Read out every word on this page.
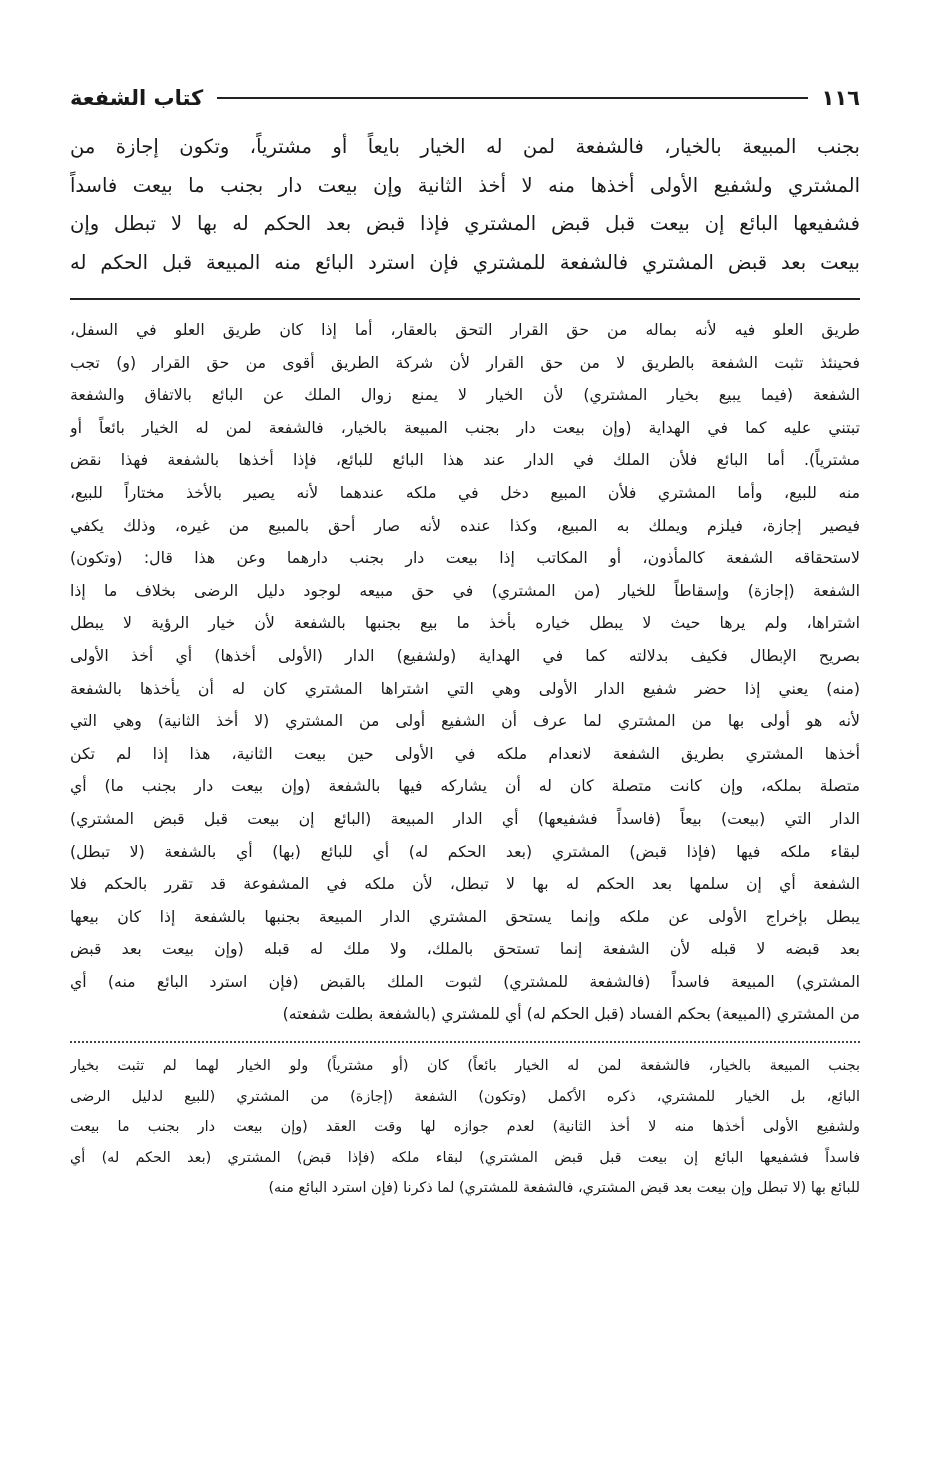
١١٦
كتاب الشفعة
بجنب المبيعة بالخيار، فالشفعة لمن له الخيار بايعاً أو مشترياً، وتكون إجازة من
المشتري ولشفيع الأولى أخذها منه لا أخذ الثانية وإن بيعت دار بجنب ما بيعت فاسداً
فشفيعها البائع إن بيعت قبل قبض المشتري فإذا قبض بعد الحكم له بها لا تبطل وإن
بيعت بعد قبض المشتري فالشفعة للمشتري فإن استرد البائع منه المبيعة قبل الحكم له
طريق العلو فيه لأنه بماله من حق القرار التحق بالعقار، أما إذا كان طريق العلو في السفل،
فحينئذ تثبت الشفعة بالطريق لا من حق القرار لأن شركة الطريق أقوى من حق القرار (و) تجب
الشفعة (فيما يبيع بخيار المشتري) لأن الخيار لا يمنع زوال الملك عن البائع بالاتفاق والشفعة
تبتني عليه كما في الهداية (وإن بيعت دار بجنب المبيعة بالخيار، فالشفعة لمن له الخيار بائعاً أو
مشترياً). أما البائع فلأن الملك في الدار عند هذا البائع للبائع، فإذا أخذها بالشفعة فهذا نقض
منه للبيع، وأما المشتري فلأن المبيع دخل في ملكه عندهما لأنه يصير بالأخذ مختاراً للبيع،
فيصير إجازة، فيلزم ويملك به المبيع، وكذا عنده لأنه صار أحق بالمبيع من غيره، وذلك يكفي
لاستحقاقه الشفعة كالمأذون، أو المكاتب إذا بيعت دار بجنب دارهما وعن هذا قال: (وتكون)
الشفعة (إجازة) وإسقاطاً للخيار (من المشتري) في حق مبيعه لوجود دليل الرضى بخلاف ما إذا
اشتراها، ولم يرها حيث لا يبطل خياره بأخذ ما بيع بجنبها بالشفعة لأن خيار الرؤية لا يبطل
بصريح الإبطال فكيف بدلالته كما في الهداية (ولشفيع) الدار (الأولى أخذها) أي أخذ الأولى
(منه) يعني إذا حضر شفيع الدار الأولى وهي التي اشتراها المشتري كان له أن يأخذها بالشفعة
لأنه هو أولى بها من المشتري لما عرف أن الشفيع أولى من المشتري (لا أخذ الثانية) وهي التي
أخذها المشتري بطريق الشفعة لانعدام ملكه في الأولى حين بيعت الثانية، هذا إذا لم تكن
متصلة بملكه، وإن كانت متصلة كان له أن يشاركه فيها بالشفعة (وإن بيعت دار بجنب ما) أي
الدار التي (بيعت) بيعاً (فاسداً فشفيعها) أي الدار المبيعة (البائع إن بيعت قبل قبض المشتري)
لبقاء ملكه فيها (فإذا قبض) المشتري (بعد الحكم له) أي للبائع (بها) أي بالشفعة (لا تبطل)
الشفعة أي إن سلمها بعد الحكم له بها لا تبطل، لأن ملكه في المشفوعة قد تقرر بالحكم فلا
يبطل بإخراج الأولى عن ملكه وإنما يستحق المشتري الدار المبيعة بجنبها بالشفعة إذا كان بيعها
بعد قبضه لا قبله لأن الشفعة إنما تستحق بالملك، ولا ملك له قبله (وإن بيعت بعد قبض
المشتري) المبيعة فاسداً (فالشفعة للمشتري) لثبوت الملك بالقبض (فإن استرد البائع منه) أي
من المشتري (المبيعة) بحكم الفساد (قبل الحكم له) أي للمشتري (بالشفعة بطلت شفعته)
بجنب المبيعة بالخيار، فالشفعة لمن له الخيار بائعاً) كان (أو مشترياً) ولو الخيار لهما لم تثبت بخيار
البائع، بل الخيار للمشتري، ذكره الأكمل (وتكون) الشفعة (إجازة) من المشتري (للبيع لدليل الرضى
ولشفيع الأولى أخذها منه لا أخذ الثانية) لعدم جوازه لها وقت العقد (وإن بيعت دار بجنب ما بيعت
فاسداً فشفيعها البائع إن بيعت قبل قبض المشتري) لبقاء ملكه (فإذا قبض) المشتري (بعد الحكم له) أي
للبائع بها (لا تبطل وإن بيعت بعد قبض المشتري، فالشفعة للمشتري) لما ذكرنا (فإن استرد البائع منه)
